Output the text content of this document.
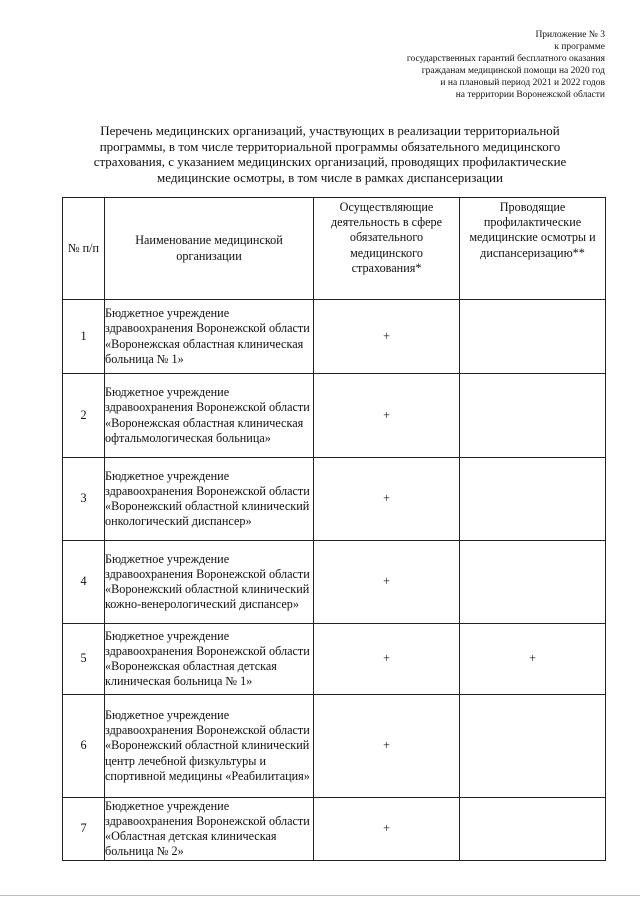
Приложение № 3
к программе
государственных гарантий бесплатного оказания
гражданам медицинской помощи на 2020 год
и на плановый период 2021 и 2022 годов
на территории Воронежской области
Перечень медицинских организаций, участвующих в реализации территориальной программы, в том числе территориальной программы обязательного медицинского страхования, с указанием медицинских организаций, проводящих профилактические медицинские осмотры, в том числе в рамках диспансеризации
№ п/п	Наименование медицинской организации	Осуществляющие деятельность в сфере обязательного медицинского страхования*	Проводящие профилактические медицинские осмотры и диспансеризацию**
1	Бюджетное учреждение здравоохранения Воронежской области «Воронежская областная клиническая больница № 1»	+	
2	Бюджетное учреждение здравоохранения Воронежской области «Воронежская областная клиническая офтальмологическая больница»	+	
3	Бюджетное учреждение здравоохранения Воронежской области «Воронежский областной клинический онкологический диспансер»	+	
4	Бюджетное учреждение здравоохранения Воронежской области «Воронежский областной клинический кожно-венерологический диспансер»	+	
5	Бюджетное учреждение здравоохранения Воронежской области «Воронежская областная детская клиническая больница № 1»	+	+
6	Бюджетное учреждение здравоохранения Воронежской области «Воронежский областной клинический центр лечебной физкультуры и спортивной медицины «Реабилитация»	+	
7	Бюджетное учреждение здравоохранения Воронежской области «Областная детская клиническая больница № 2»	+	
